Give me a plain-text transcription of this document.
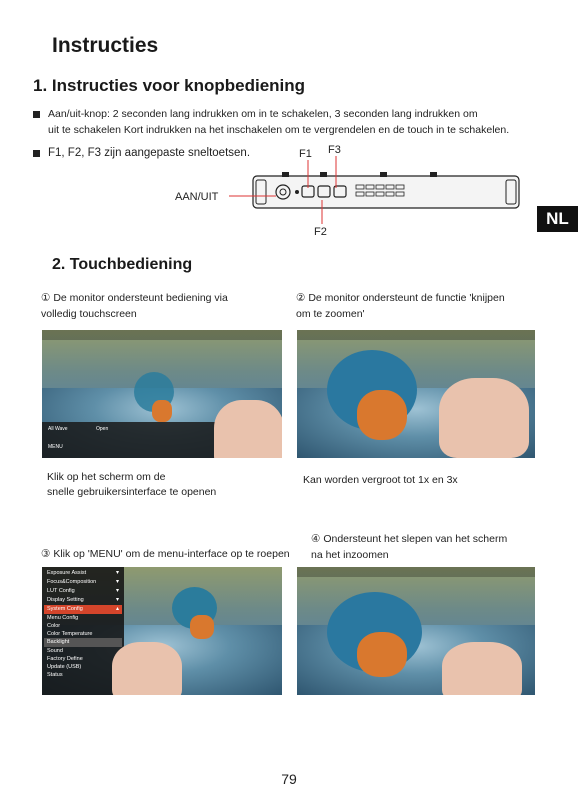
Instructies
NL
1. Instructies voor knopbediening
Aan/uit-knop: 2 seconden lang indrukken om in te schakelen, 3 seconden lang indrukken om
uit te schakelen Kort indrukken na het inschakelen om te vergrendelen en de touch in te schakelen.
F1, F2, F3 zijn aangepaste sneltoetsen.
AAN/UIT
F1 F3
F2
2. Touchbediening
① De monitor ondersteunt bediening via
volledig touchscreen
② De monitor ondersteunt de functie 'knijpen
om te zoomen'
All Wave	Open
MENU
Klik op het scherm om de
snelle gebruikersinterface te openen
Kan worden vergroot tot 1x en 3x
③ Klik op 'MENU' om de menu-interface op te roepen
④ Ondersteunt het slepen van het scherm
na het inzoomen
Exposure Assist	▾
Focus&Composition	▾
LUT Config	▾
Display Setting	▾
System Config	▴
Menu Config
Color
Color Temperature
Backlight
Sound
Factory Define
Update (USB)
Status
79
